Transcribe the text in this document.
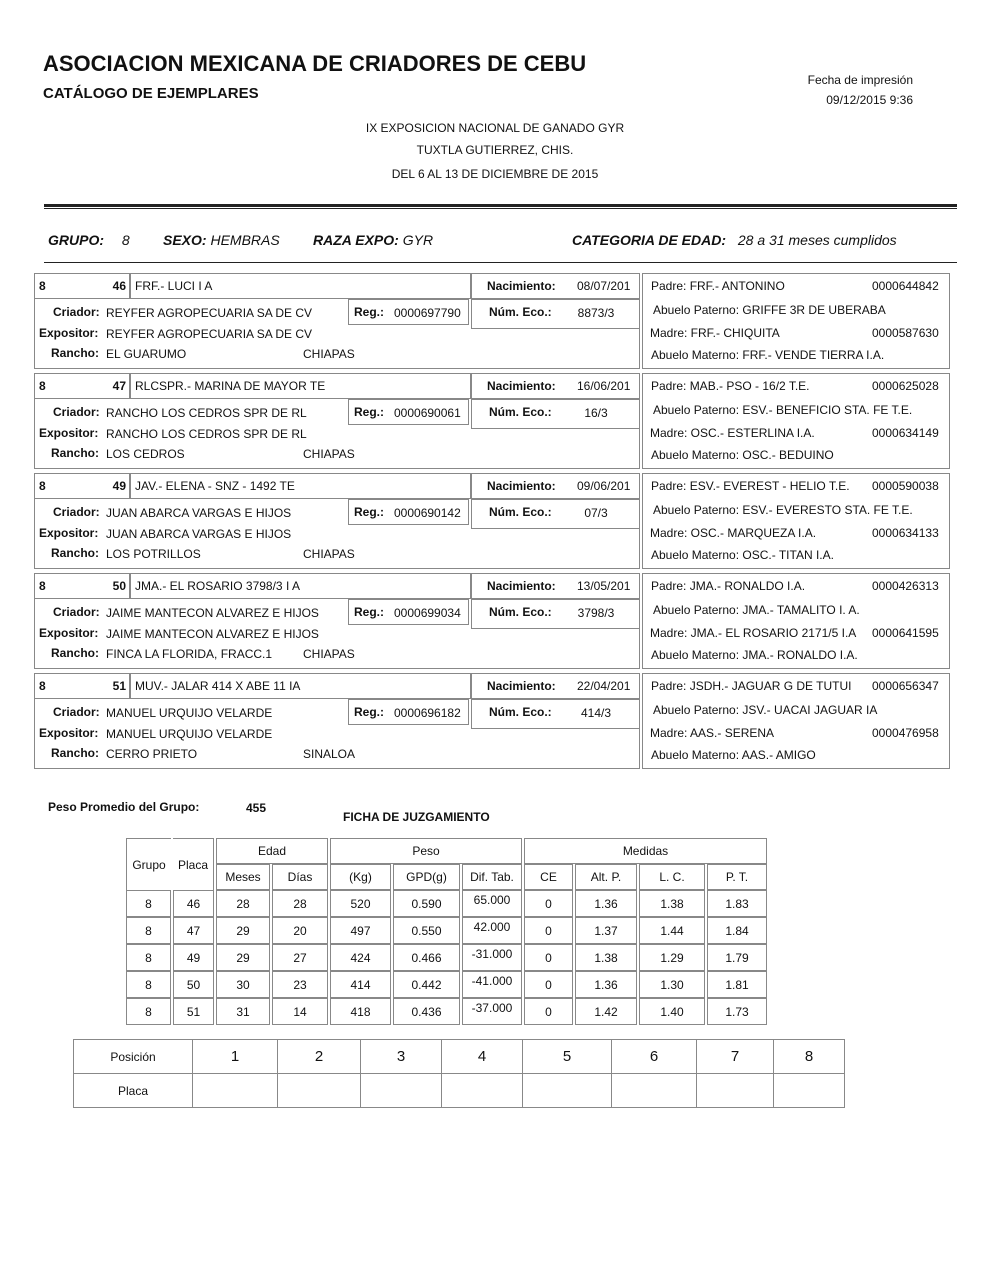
ASOCIACION MEXICANA DE CRIADORES DE CEBU
CATÁLOGO DE EJEMPLARES
Fecha de impresión
09/12/2015 9:36
IX EXPOSICION NACIONAL DE GANADO GYR
TUXTLA GUTIERREZ, CHIS.
DEL 6 AL 13 DE DICIEMBRE DE 2015
GRUPO: 8 SEXO: HEMBRAS RAZA EXPO: GYR	CATEGORIA DE EDAD: 28 a 31 meses cumplidos
8	46 FRF.- LUCI I A	Nacimiento: 08/07/201
Reg.: 0000697790 Núm. Eco.:	8873/3
Criador: REYFER AGROPECUARIA SA DE CV
Expositor: REYFER AGROPECUARIA SA DE CV
Rancho: EL GUARUMO	CHIAPAS
Padre: FRF.- ANTONINO	0000644842
Abuelo Paterno: GRIFFE 3R DE UBERABA
Madre: FRF.- CHIQUITA	0000587630
Abuelo Materno: FRF.- VENDE TIERRA I.A.
8	47 RLCSPR.- MARINA DE MAYOR TE	Nacimiento: 16/06/201
Reg.: 0000690061 Núm. Eco.:	16/3
Criador: RANCHO LOS CEDROS SPR DE RL
Expositor: RANCHO LOS CEDROS SPR DE RL
Rancho: LOS CEDROS	CHIAPAS
Padre: MAB.- PSO - 16/2 T.E.	0000625028
Abuelo Paterno: ESV.- BENEFICIO STA. FE T.E.
Madre: OSC.- ESTERLINA I.A.	0000634149
Abuelo Materno: OSC.- BEDUINO
8	49 JAV.- ELENA - SNZ - 1492 TE	Nacimiento: 09/06/201
Reg.: 0000690142 Núm. Eco.:	07/3
Criador: JUAN ABARCA VARGAS E HIJOS
Expositor: JUAN ABARCA VARGAS E HIJOS
Rancho: LOS POTRILLOS	CHIAPAS
Padre: ESV.- EVEREST - HELIO T.E.	0000590038
Abuelo Paterno: ESV.- EVERESTO STA. FE T.E.
Madre: OSC.- MARQUEZA I.A.	0000634133
Abuelo Materno: OSC.- TITAN I.A.
8	50 JMA.- EL ROSARIO 3798/3 I A	Nacimiento: 13/05/201
Reg.: 0000699034 Núm. Eco.:	3798/3
Criador: JAIME MANTECON ALVAREZ E HIJOS
Expositor: JAIME MANTECON ALVAREZ E HIJOS
Rancho: FINCA LA FLORIDA, FRACC.1	CHIAPAS
Padre: JMA.- RONALDO I.A.	0000426313
Abuelo Paterno: JMA.- TAMALITO I. A.
Madre: JMA.- EL ROSARIO 2171/5 I.A	0000641595
Abuelo Materno: JMA.- RONALDO I.A.
8	51 MUV.- JALAR 414 X ABE 11 IA	Nacimiento: 22/04/201
Reg.: 0000696182 Núm. Eco.:	414/3
Criador: MANUEL URQUIJO VELARDE
Expositor: MANUEL URQUIJO VELARDE
Rancho: CERRO PRIETO	SINALOA
Padre: JSDH.- JAGUAR G DE TUTUI	0000656347
Abuelo Paterno: JSV.- UACAI JAGUAR IA
Madre: AAS.- SERENA	0000476958
Abuelo Materno: AAS.- AMIGO
Peso Promedio del Grupo:	455
FICHA DE JUZGAMIENTO
Grupo	Placa	Edad		Peso			Medidas			
		Meses	Días	(Kg)	GPD(g)	Dif. Tab.	CE	Alt. P.	L. C.	P. T.
8	46	28	28	520	0.590	65.000	0	1.36	1.38	1.83
8	47	29	20	497	0.550	42.000	0	1.37	1.44	1.84
8	49	29	27	424	0.466	-31.000	0	1.38	1.29	1.79
8	50	30	23	414	0.442	-41.000	0	1.36	1.30	1.81
8	51	31	14	418	0.436	-37.000	0	1.42	1.40	1.73
Posición	1	2	3	4	5	6	7	8
Placa								
